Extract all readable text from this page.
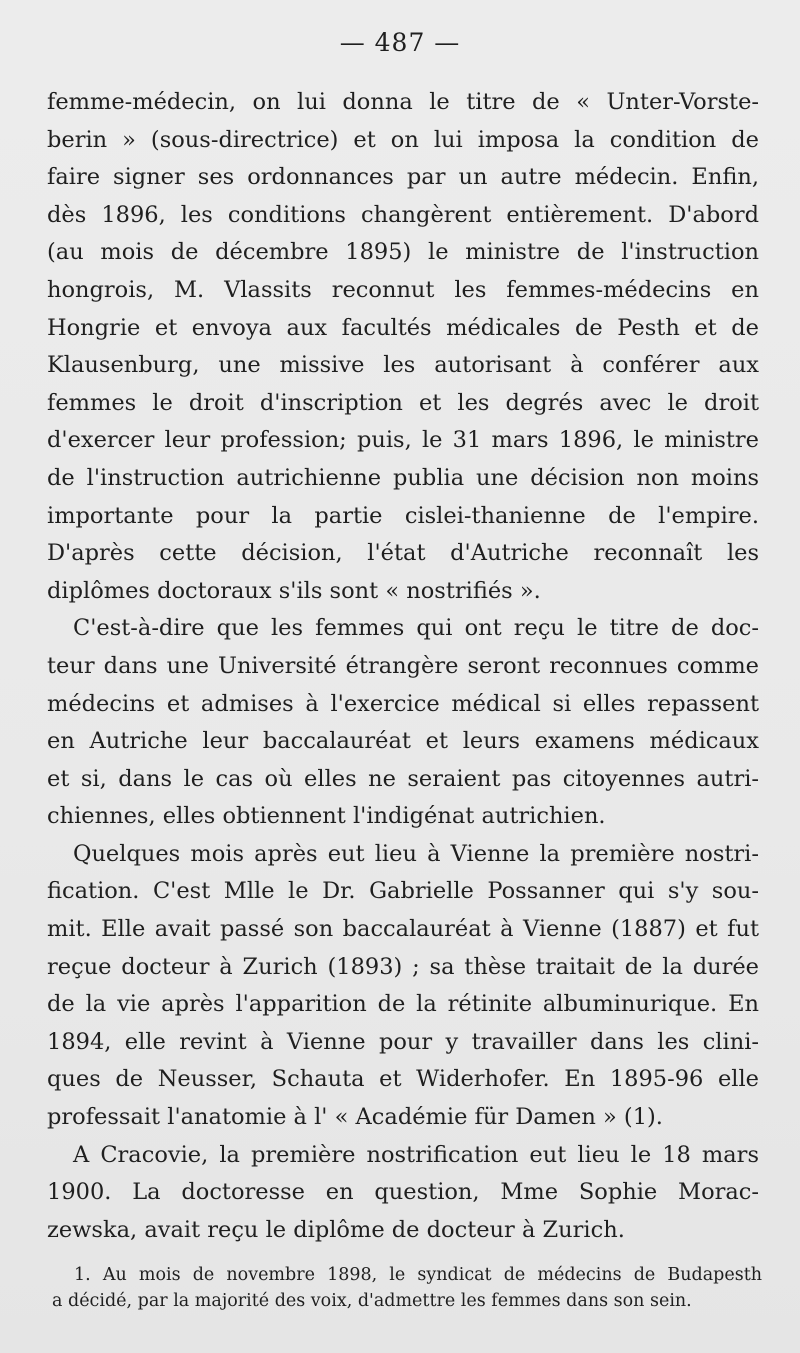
— 487 —
femme-médecin, on lui donna le titre de « Unter-Vorste-
berin » (sous-directrice) et on lui imposa la condition de
faire signer ses ordonnances par un autre médecin. Enfin,
dès 1896, les conditions changèrent entièrement. D'abord
(au mois de décembre 1895) le ministre de l'instruction
hongrois, M. Vlassits reconnut les femmes-médecins en
Hongrie et envoya aux facultés médicales de Pesth et de
Klausenburg, une missive les autorisant à conférer aux
femmes le droit d'inscription et les degrés avec le droit
d'exercer leur profession; puis, le 31 mars 1896, le ministre
de l'instruction autrichienne publia une décision non moins
importante pour la partie cislei-thanienne de l'empire.
D'après cette décision, l'état d'Autriche reconnaît les
diplômes doctoraux s'ils sont « nostrifiés ».
C'est-à-dire que les femmes qui ont reçu le titre de doc-
teur dans une Université étrangère seront reconnues comme
médecins et admises à l'exercice médical si elles repassent
en Autriche leur baccalauréat et leurs examens médicaux
et si, dans le cas où elles ne seraient pas citoyennes autri-
chiennes, elles obtiennent l'indigénat autrichien.
Quelques mois après eut lieu à Vienne la première nostri-
fication. C'est Mlle le Dr. Gabrielle Possanner qui s'y sou-
mit. Elle avait passé son baccalauréat à Vienne (1887) et fut
reçue docteur à Zurich (1893) ; sa thèse traitait de la durée
de la vie après l'apparition de la rétinite albuminurique. En
1894, elle revint à Vienne pour y travailler dans les clini-
ques de Neusser, Schauta et Widerhofer. En 1895-96 elle
professait l'anatomie à l' « Académie für Damen » (1).
A Cracovie, la première nostrification eut lieu le 18 mars
1900. La doctoresse en question, Mme Sophie Morac-
zewska, avait reçu le diplôme de docteur à Zurich.
1. Au mois de novembre 1898, le syndicat de médecins de Budapesth
a décidé, par la majorité des voix, d'admettre les femmes dans son sein.
